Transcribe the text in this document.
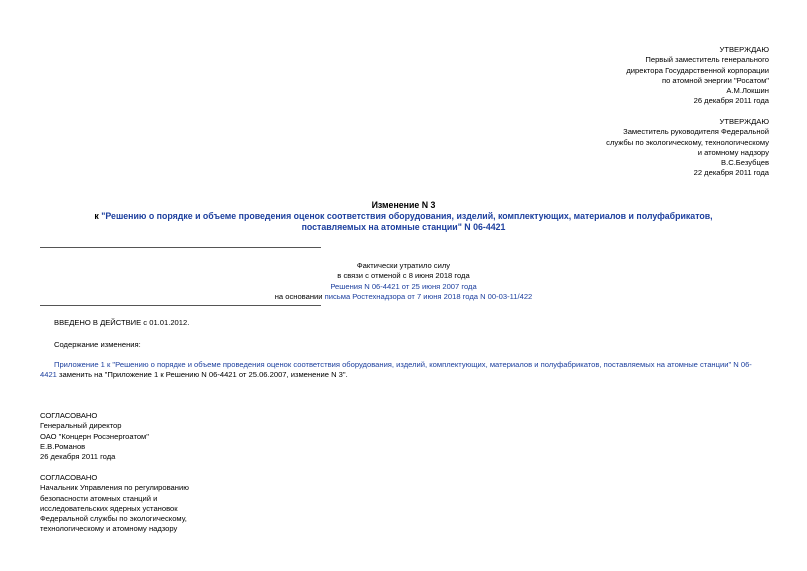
УТВЕРЖДАЮ
Первый заместитель генерального
директора Государственной корпорации
по атомной энергии "Росатом"
А.М.Локшин
26 декабря 2011 года
УТВЕРЖДАЮ
Заместитель руководителя Федеральной
службы по экологическому, технологическому
и атомному надзору
В.С.Безубцев
22 декабря 2011 года
Изменение N 3
к "Решению о порядке и объеме проведения оценок соответствия оборудования, изделий, комплектующих, материалов и полуфабрикатов, поставляемых на атомные станции" N 06-4421
Фактически утратило силу
в связи с отменой с 8 июня 2018 года
Решения N 06-4421 от 25 июня 2007 года
на основании письма Ростехнадзора от 7 июня 2018 года N 00-03-11/422
ВВЕДЕНО В ДЕЙСТВИЕ с 01.01.2012.
Содержание изменения:
Приложение 1 к "Решению о порядке и объеме проведения оценок соответствия оборудования, изделий, комплектующих, материалов и полуфабрикатов, поставляемых на атомные станции" N 06-4421 заменить на "Приложение 1 к Решению N 06-4421 от 25.06.2007, изменение N 3".
СОГЛАСОВАНО
Генеральный директор
ОАО "Концерн Росэнергоатом"
Е.В.Романов
26 декабря 2011 года
СОГЛАСОВАНО
Начальник Управления по регулированию
безопасности атомных станций и
исследовательских ядерных установок
Федеральной службы по экологическому,
технологическому и атомному надзору
